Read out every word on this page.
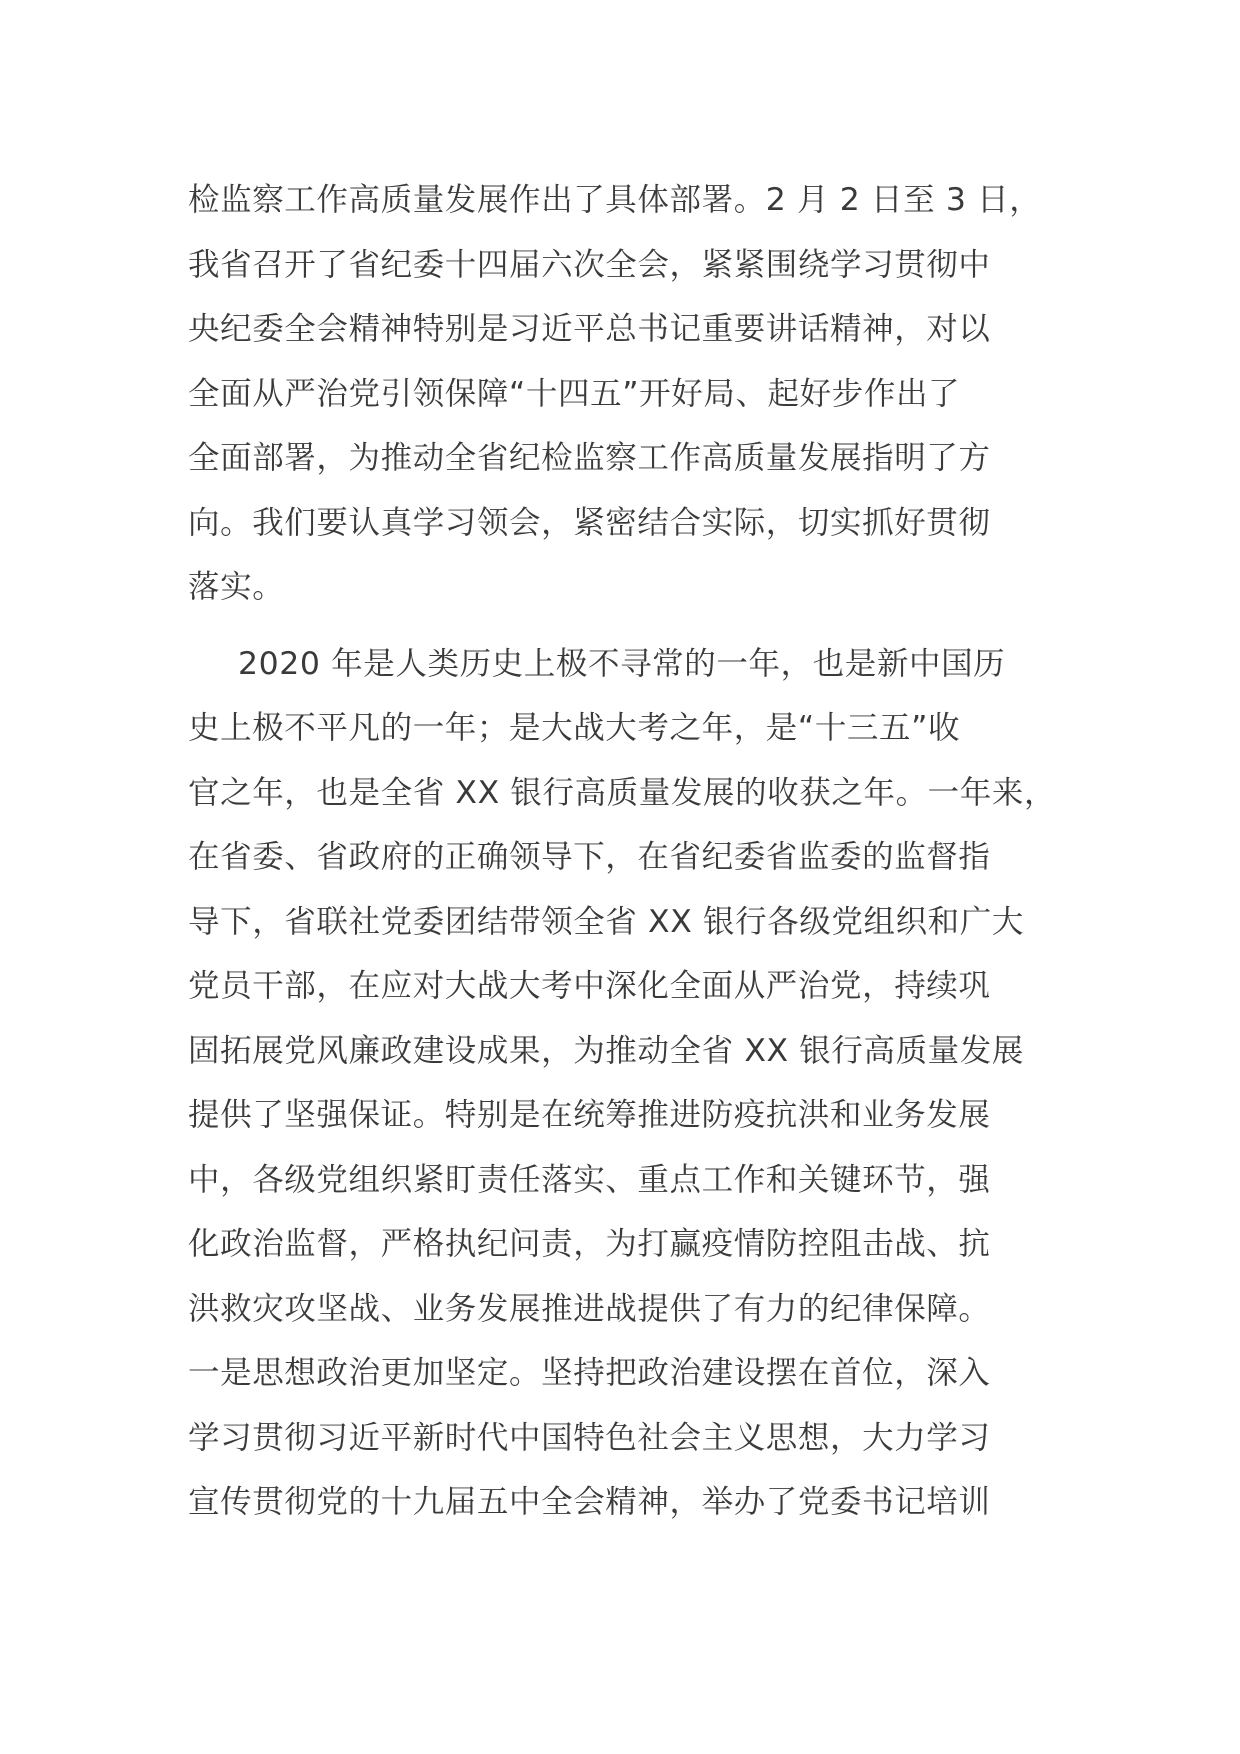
检监察工作高质量发展作出了具体部署。2 月 2 日至 3 日，
我省召开了省纪委十四届六次全会，紧紧围绕学习贯彻中
央纪委全会精神特别是习近平总书记重要讲话精神，对以
全面从严治党引领保障“十四五”开好局、起好步作出了
全面部署，为推动全省纪检监察工作高质量发展指明了方
向。我们要认真学习领会，紧密结合实际，切实抓好贯彻
落实。
2020 年是人类历史上极不寻常的一年，也是新中国历
史上极不平凡的一年；是大战大考之年，是“十三五”收
官之年，也是全省 XX 银行高质量发展的收获之年。一年来，
在省委、省政府的正确领导下，在省纪委省监委的监督指
导下，省联社党委团结带领全省 XX 银行各级党组织和广大
党员干部，在应对大战大考中深化全面从严治党，持续巩
固拓展党风廉政建设成果，为推动全省 XX 银行高质量发展
提供了坚强保证。特别是在统筹推进防疫抗洪和业务发展
中，各级党组织紧盯责任落实、重点工作和关键环节，强
化政治监督，严格执纪问责，为打赢疫情防控阻击战、抗
洪救灾攻坚战、业务发展推进战提供了有力的纪律保障。
一是思想政治更加坚定。坚持把政治建设摆在首位，深入
学习贯彻习近平新时代中国特色社会主义思想，大力学习
宣传贯彻党的十九届五中全会精神，举办了党委书记培训
